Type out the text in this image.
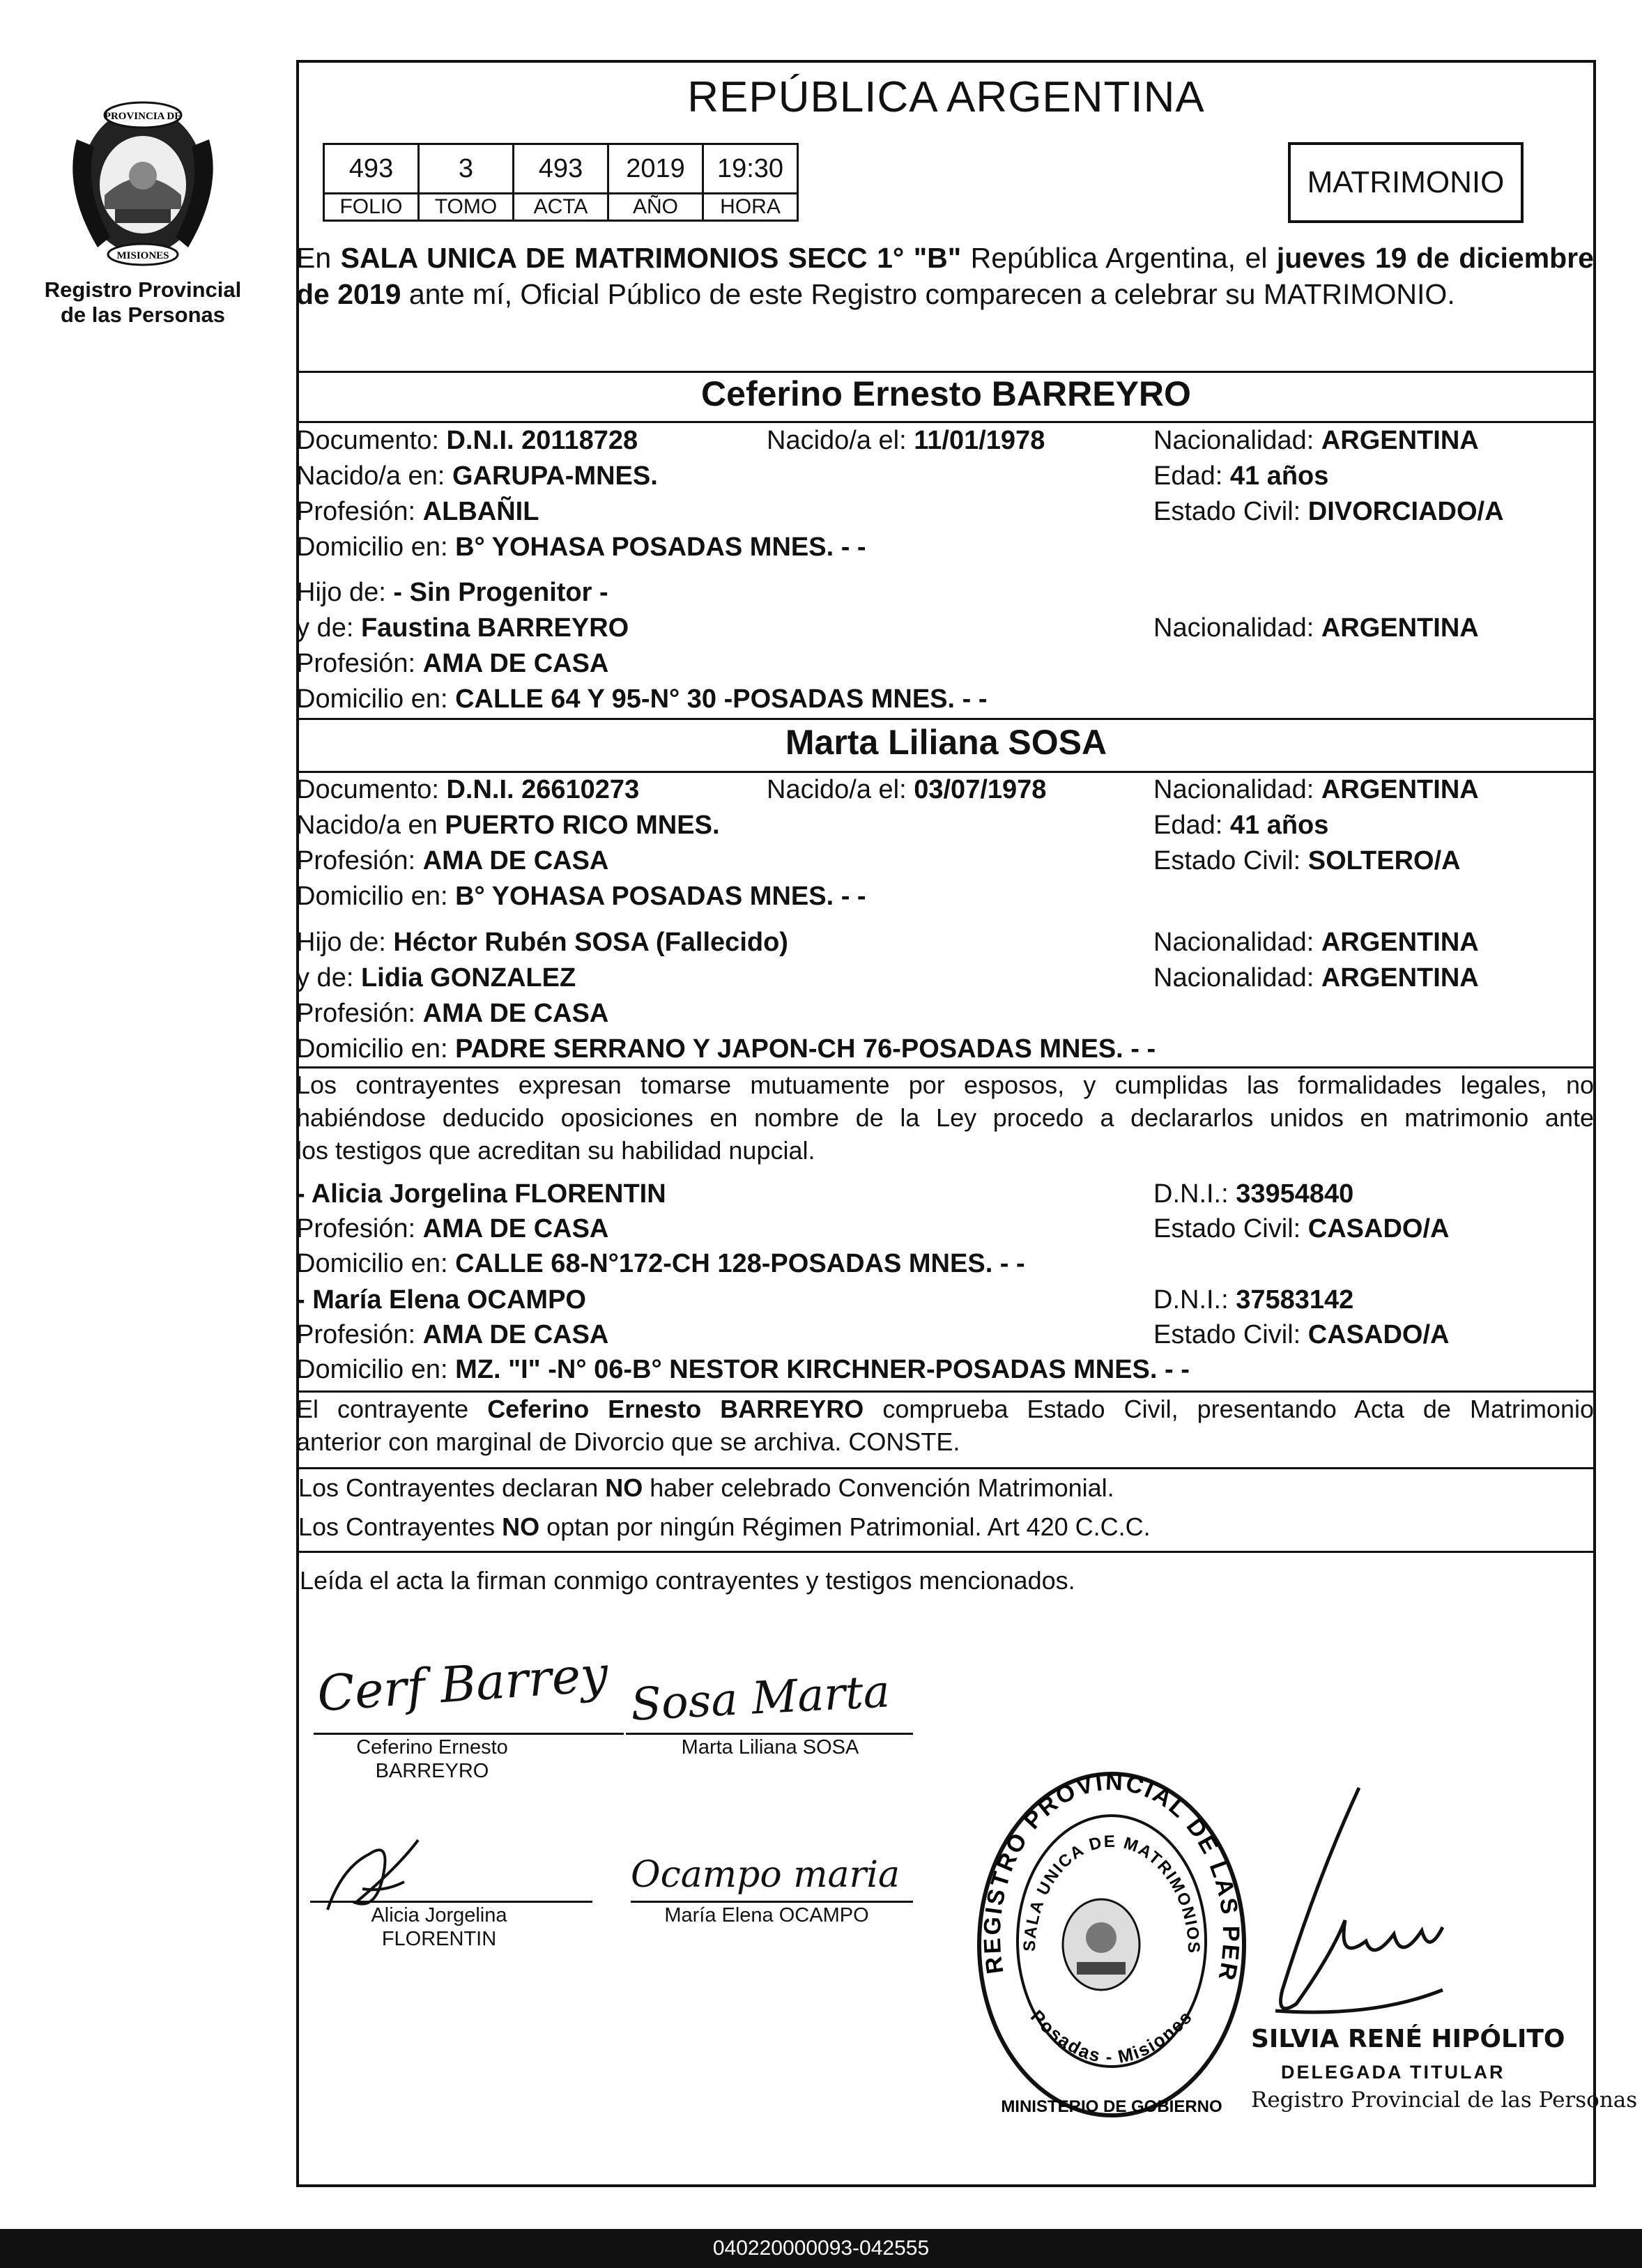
PROVINCIA DE
MISIONES
Registro Provincial
de las Personas
REPÚBLICA ARGENTINA
493	3	493	2019	19:30
FOLIO	TOMO	ACTA	AÑO	HORA
MATRIMONIO
En SALA UNICA DE MATRIMONIOS SECC 1° "B" República Argentina, el jueves 19 de diciembre de 2019 ante mí, Oficial Público de este Registro comparecen a celebrar su MATRIMONIO.
Ceferino Ernesto BARREYRO
Documento: D.N.I. 20118728	Nacido/a el: 11/01/1978	Nacionalidad: ARGENTINA
Nacido/a en: GARUPA-MNES.	Edad: 41 años
Profesión: ALBAÑIL	Estado Civil: DIVORCIADO/A
Domicilio en: B° YOHASA POSADAS MNES. - -
Hijo de: - Sin Progenitor -
y de: Faustina BARREYRO	Nacionalidad: ARGENTINA
Profesión: AMA DE CASA
Domicilio en: CALLE 64 Y 95-N° 30 -POSADAS MNES. - -
Marta Liliana SOSA
Documento: D.N.I. 26610273	Nacido/a el: 03/07/1978	Nacionalidad: ARGENTINA
Nacido/a en PUERTO RICO MNES.	Edad: 41 años
Profesión: AMA DE CASA	Estado Civil: SOLTERO/A
Domicilio en: B° YOHASA POSADAS MNES. - -
Hijo de: Héctor Rubén SOSA (Fallecido)	Nacionalidad: ARGENTINA
y de: Lidia GONZALEZ	Nacionalidad: ARGENTINA
Profesión: AMA DE CASA
Domicilio en: PADRE SERRANO Y JAPON-CH 76-POSADAS MNES. - -
Los contrayentes expresan tomarse mutuamente por esposos, y cumplidas las formalidades legales, no
habiéndose deducido oposiciones en nombre de la Ley procedo a declararlos unidos en matrimonio ante
los testigos que acreditan su habilidad nupcial.
- Alicia Jorgelina FLORENTIN	D.N.I.: 33954840
Profesión: AMA DE CASA	Estado Civil: CASADO/A
Domicilio en: CALLE 68-N°172-CH 128-POSADAS MNES. - -
- María Elena OCAMPO	D.N.I.: 37583142
Profesión: AMA DE CASA	Estado Civil: CASADO/A
Domicilio en: MZ. "I" -N° 06-B° NESTOR KIRCHNER-POSADAS MNES. - -
El contrayente Ceferino Ernesto BARREYRO comprueba Estado Civil, presentando Acta de Matrimonio
anterior con marginal de Divorcio que se archiva. CONSTE.
Los Contrayentes declaran NO haber celebrado Convención Matrimonial.
Los Contrayentes NO optan por ningún Régimen Patrimonial. Art 420 C.C.C.
Leída el acta la firman conmigo contrayentes y testigos mencionados.
Cerf Barrey
Ceferino Ernesto
BARREYRO
Sosa Marta
Marta Liliana SOSA
Alicia Jorgelina
FLORENTIN
Ocampo maria
María Elena OCAMPO
REGISTRO PROVINCIAL DE LAS PER
SALA UNICA DE MATRIMONIOS
Posadas - Misiones
MINISTERIO DE GOBIERNO
SILVIA RENÉ HIPÓLITO
DELEGADA TITULAR
Registro Provincial de las Personas
040220000093-042555
